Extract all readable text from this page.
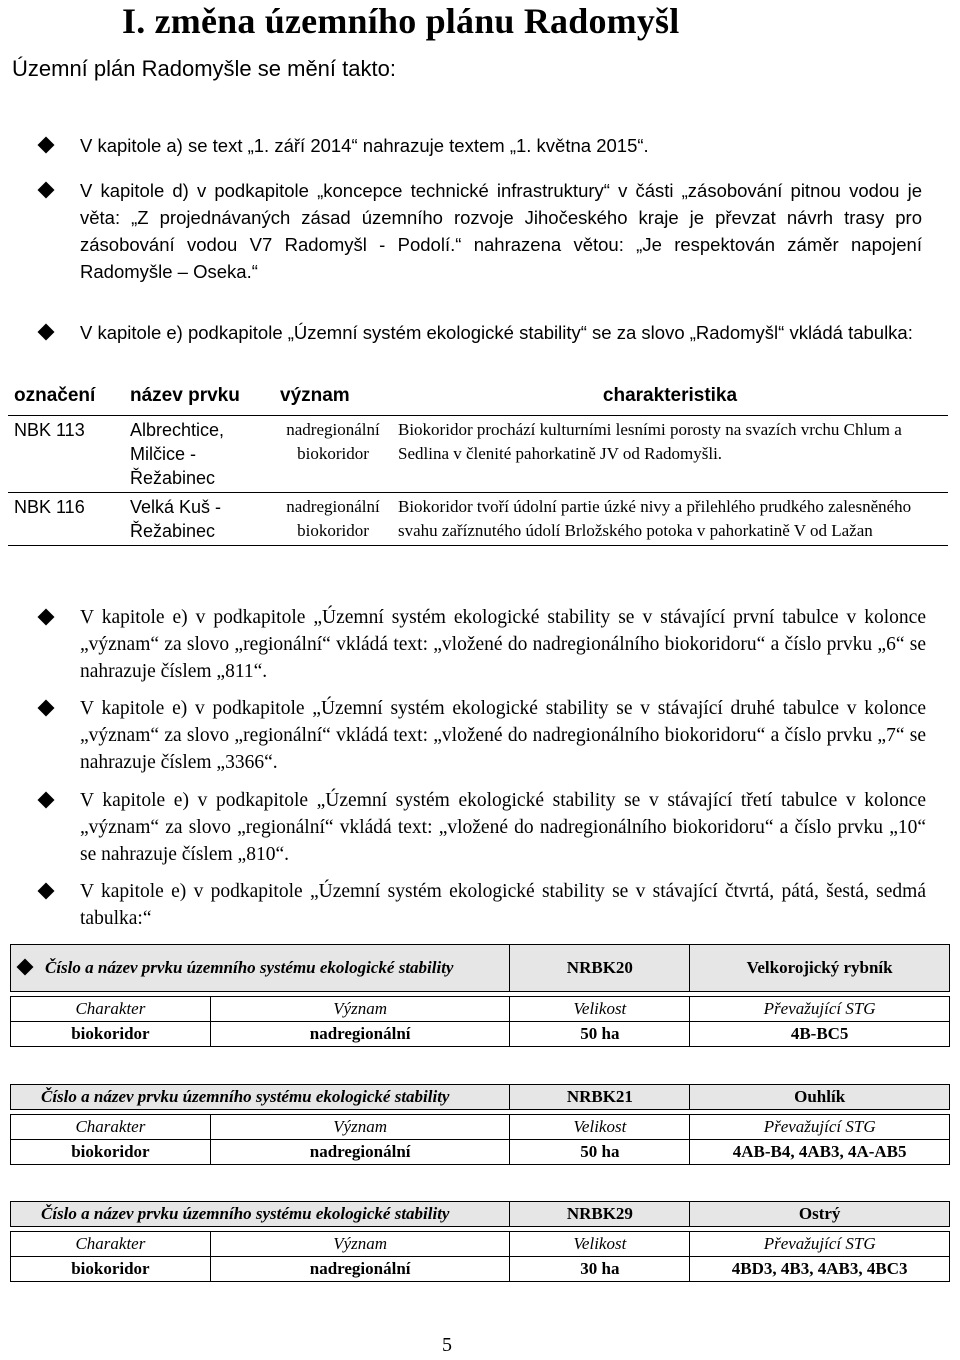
I. změna územního plánu Radomyšl
Územní plán Radomyšle se mění takto:
V kapitole a) se text „1. září 2014“ nahrazuje textem „1. května 2015“.
V kapitole d) v podkapitole „koncepce technické infrastruktury“ v části „zásobování pitnou vodou je věta: „Z projednávaných zásad územního rozvoje Jihočeského kraje je převzat návrh trasy pro zásobování vodou V7 Radomyšl - Podolí.“ nahrazena větou: „Je respektován záměr napojení Radomyšle – Oseka.“
V kapitole e) podkapitole „Územní systém ekologické stability“ se za slovo „Radomyšl“ vkládá tabulka:
označení	název prvku	význam	charakteristika
NBK 113	Albrechtice, Milčice - Řežabinec	nadregionální biokoridor	Biokoridor prochází kulturními lesními porosty na svazích vrchu Chlum a Sedlina v členité pahorkatině JV od Radomyšli.
NBK 116	Velká Kuš - Řežabinec	nadregionální biokoridor	Biokoridor tvoří údolní partie úzké nivy a přilehlého prudkého zalesněného svahu zaříznutého údolí Brložského potoka v pahorkatině V od Lažan
V kapitole e) v podkapitole „Územní systém ekologické stability se v stávající první tabulce v kolonce „význam“ za slovo „regionální“ vkládá text: „vložené do nadregionálního biokoridoru“ a číslo prvku „6“ se nahrazuje číslem „811“.
V kapitole e) v podkapitole „Územní systém ekologické stability se v stávající druhé tabulce v kolonce „význam“ za slovo „regionální“ vkládá text: „vložené do nadregionálního biokoridoru“ a číslo prvku „7“ se nahrazuje číslem „3366“.
V kapitole e) v podkapitole „Územní systém ekologické stability se v stávající třetí tabulce v kolonce „význam“ za slovo „regionální“ vkládá text: „vložené do nadregionálního biokoridoru“ a číslo prvku „10“ se nahrazuje číslem „810“.
V kapitole e) v podkapitole „Územní systém ekologické stability se v stávající čtvrtá, pátá, šestá, sedmá tabulka:“
Číslo a název prvku územního systému ekologické stability		NRBK20	Velkorojický rybník

Charakter	Význam	Velikost	Převažující STG
biokoridor	nadregionální	50 ha	4B-BC5
Číslo a název prvku územního systému ekologické stability		NRBK21	Ouhlík

Charakter	Význam	Velikost	Převažující STG
biokoridor	nadregionální	50 ha	4AB-B4, 4AB3, 4A-AB5
Číslo a název prvku územního systému ekologické stability		NRBK29	Ostrý

Charakter	Význam	Velikost	Převažující STG
biokoridor	nadregionální	30 ha	4BD3, 4B3, 4AB3, 4BC3
5
